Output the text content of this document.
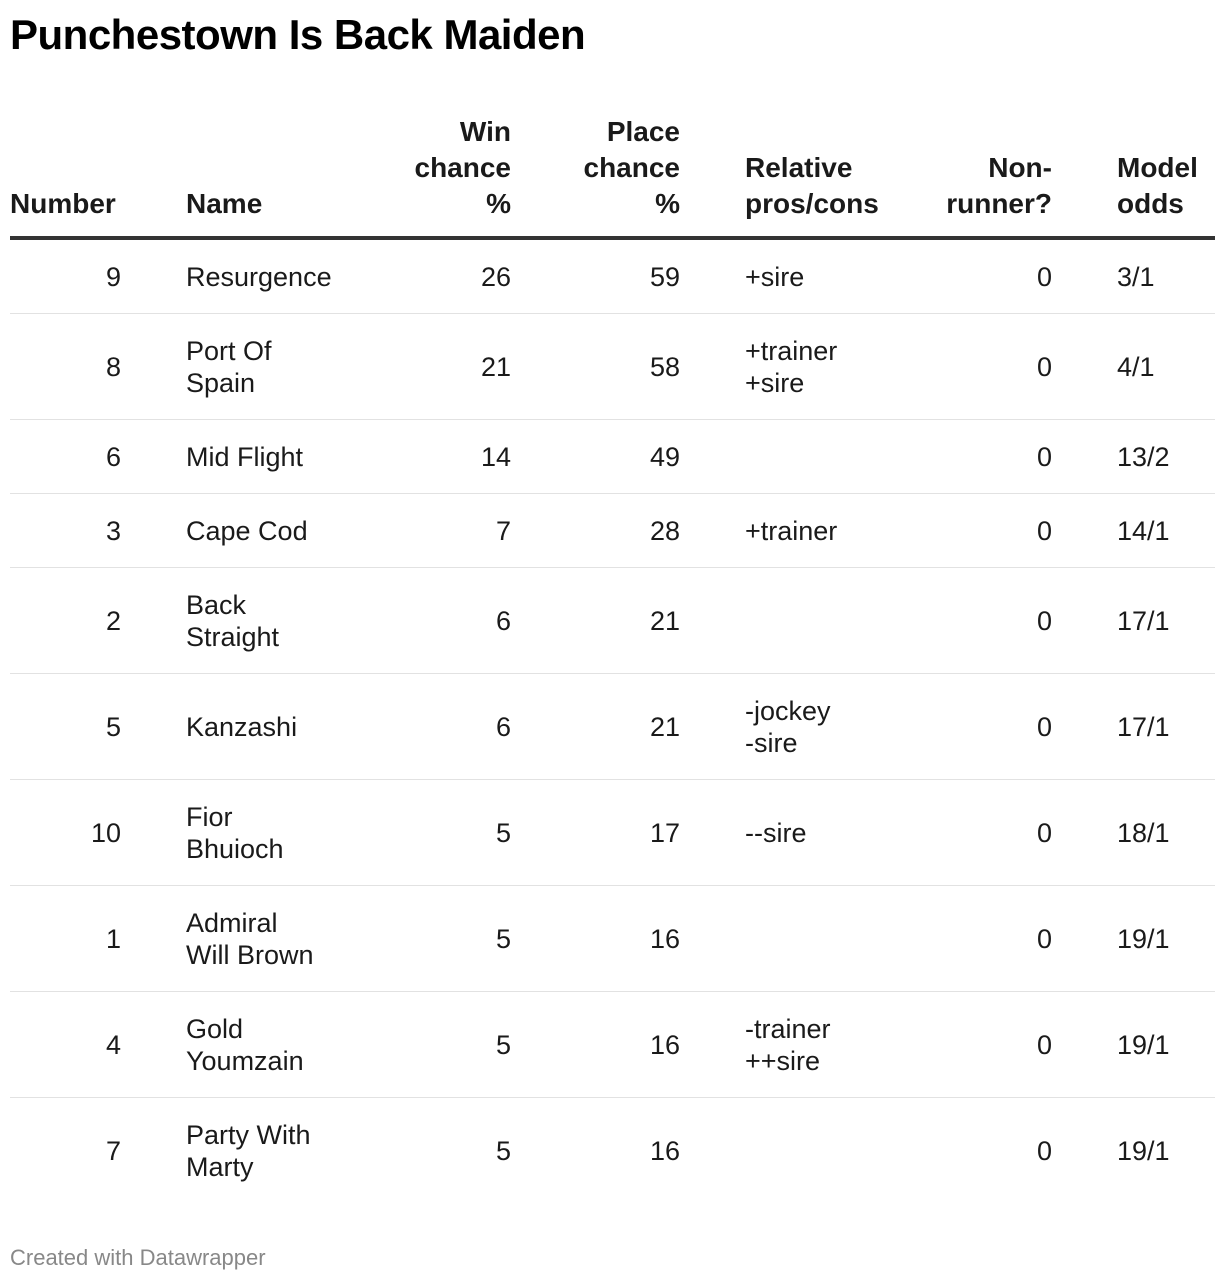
Punchestown Is Back Maiden
Number	Name	Win
chance
%	Place
chance
%	Relative
pros/cons	Non-
runner?	Model
odds
9	Resurgence	26	59	+sire	0	3/1
8	Port Of
Spain	21	58	+trainer
+sire	0	4/1
6	Mid Flight	14	49		0	13/2
3	Cape Cod	7	28	+trainer	0	14/1
2	Back
Straight	6	21		0	17/1
5	Kanzashi	6	21	-jockey
-sire	0	17/1
10	Fior
Bhuioch	5	17	--sire	0	18/1
1	Admiral
Will Brown	5	16		0	19/1
4	Gold
Youmzain	5	16	-trainer
++sire	0	19/1
7	Party With
Marty	5	16		0	19/1
Created with Datawrapper
